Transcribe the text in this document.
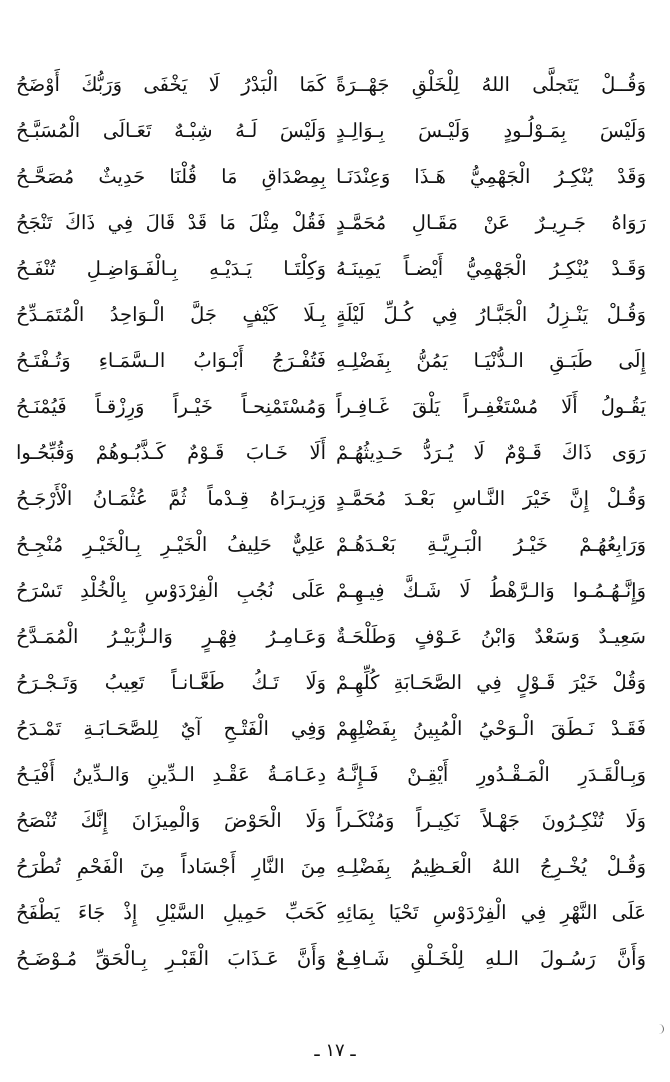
وَقُــلْ يَتَجلَّى اللهُ لِلْخَلْقِ جَهْــرَةً
كَمَا الْبَدْرُ لَا يَخْفَى وَرَبُّكَ أَوْضَحُ
وَلَيْسَ بِمَـوْلُـودٍ وَلَيْـسَ بِـوَالِـدٍ
وَلَيْسَ لَـهُ شِبْـهٌ تَعَـالَى الْمُسَبَّـحُ
وَقَدْ يُنْكِـرُ الْجَهْمِيُّ هَـذَا وَعِنْدَنَـا
بِمِصْدَاقِ مَا قُلْنَا حَدِيثٌ مُصَحَّـحُ
رَوَاهُ جَـرِيـرٌ عَنْ مَقَـالِ مُحَمَّـدٍ
فَقُلْ مِثْلَ مَا قَدْ قَالَ فِي ذَاكَ تَنْجَحُ
وَقَـدْ يُنْكِـرُ الْجَهْمِيُّ أَيْضـاً يَمِينَـهُ
وَكِلْتَـا يَـدَيْـهِ بِـالْفَـوَاضِـلِ تُنْفَـحُ
وَقُـلْ يَنْـزِلُ الْجَبَّـارُ فِي كُـلِّ لَيْلَةٍ
بِـلَا كَيْفٍ جَلَّ الْـوَاحِدُ الْمُتَمَـدِّحُ
إِلَى طَبَـقِ الـدُّنْيَـا يَمُنُّ بِفَضْلِـهِ
فَتُفْـرَجُ أَبْـوَابُ الـسَّمَـاءِ وَتُـفْتَـحُ
يَقُـولُ أَلَا مُسْتَغْفِـراً يَلْقَ غَـافِـراً
وَمُسْتَمْنِحـاً خَيْـراً وَرِزْقـاً فَيُمْنَـحُ
رَوَى ذَاكَ قَـوْمٌ لَا يُـرَدُّ حَـدِيثُهُـمْ
أَلَا خَـابَ قَـوْمٌ كَـذَّبُـوهُمْ وَقُبِّحُـوا
وَقُـلْ إِنَّ خَيْرَ النَّـاسِ بَعْـدَ مُحَمَّـدٍ
وَزِيـرَاهُ قِـدْماً ثُمَّ عُثْمَـانُ الْأَرْجَـحُ
وَرَابِعُهُـمْ خَيْـرُ الْبَـرِيَّـةِ بَعْـدَهُـمْ
عَلِيٌّ حَلِيفُ الْخَيْـرِ بِـالْخَيْـرِ مُنْجِـحُ
وَإِنَّـهُـمُـوا وَالـرَّهْطُ لَا شَـكَّ فِيـهِـمْ
عَلَى نُجُبِ الْفِرْدَوْسِ بِالْخُلْدِ تَسْرَحُ
سَعِيـدٌ وَسَعْدٌ وَابْنُ عَـوْفٍ وَطَلْحَـةٌ
وَعَـامِـرُ فِهْـرٍ وَالـزُّبَيْـرُ الْمُمَـدَّحُ
وَقُلْ خَيْرَ قَـوْلٍ فِي الصَّحَـابَةِ كُلِّهِـمْ
وَلَا تَـكُ طَعَّـانـاً تَعِيبُ وَتَـجْـرَحُ
فَقَـدْ نَـطَقَ الْـوَحْيُ الْمُبِينُ بِفَضْلِهِمْ
وَفِي الْفَتْـحِ آيٌ لِلصَّحَـابَـةِ تَمْـدَحُ
وَبِـالْقَـدَرِ الْمَـقْـدُورِ أَيْقِـنْ فَـإِنَّـهُ
دِعَـامَـةُ عَقْـدِ الـدِّينِ وَالـدِّينُ أَفْيَـحُ
وَلَا تُنْكِـرُونَ جَهْـلاً نَكِيـراً وَمُنْكَـراً
وَلَا الْحَوْضَ وَالْمِيزَانَ إِنَّكَ تُنْصَحُ
وَقُـلْ يُخْـرِجُ اللهُ الْعَـظِيمُ بِفَضْلِـهِ
مِنَ النَّارِ أَجْسَاداً مِنَ الْفَحْمِ تُطْرَحُ
عَلَى النَّهْرِ فِي الْفِرْدَوْسِ تَحْيَا بِمَائِهِ
كَحَبِّ حَمِيلِ السَّيْلِ إِذْ جَاءَ يَطْفَحُ
وَأَنَّ رَسُـولَ الـلهِ لِلْخَـلْقِ شَـافِـعٌ
وَأَنَّ عَـذَابَ الْقَبْـرِ بِـالْحَقِّ مُـوْضَـحُ
ـ ١٧ ـ
